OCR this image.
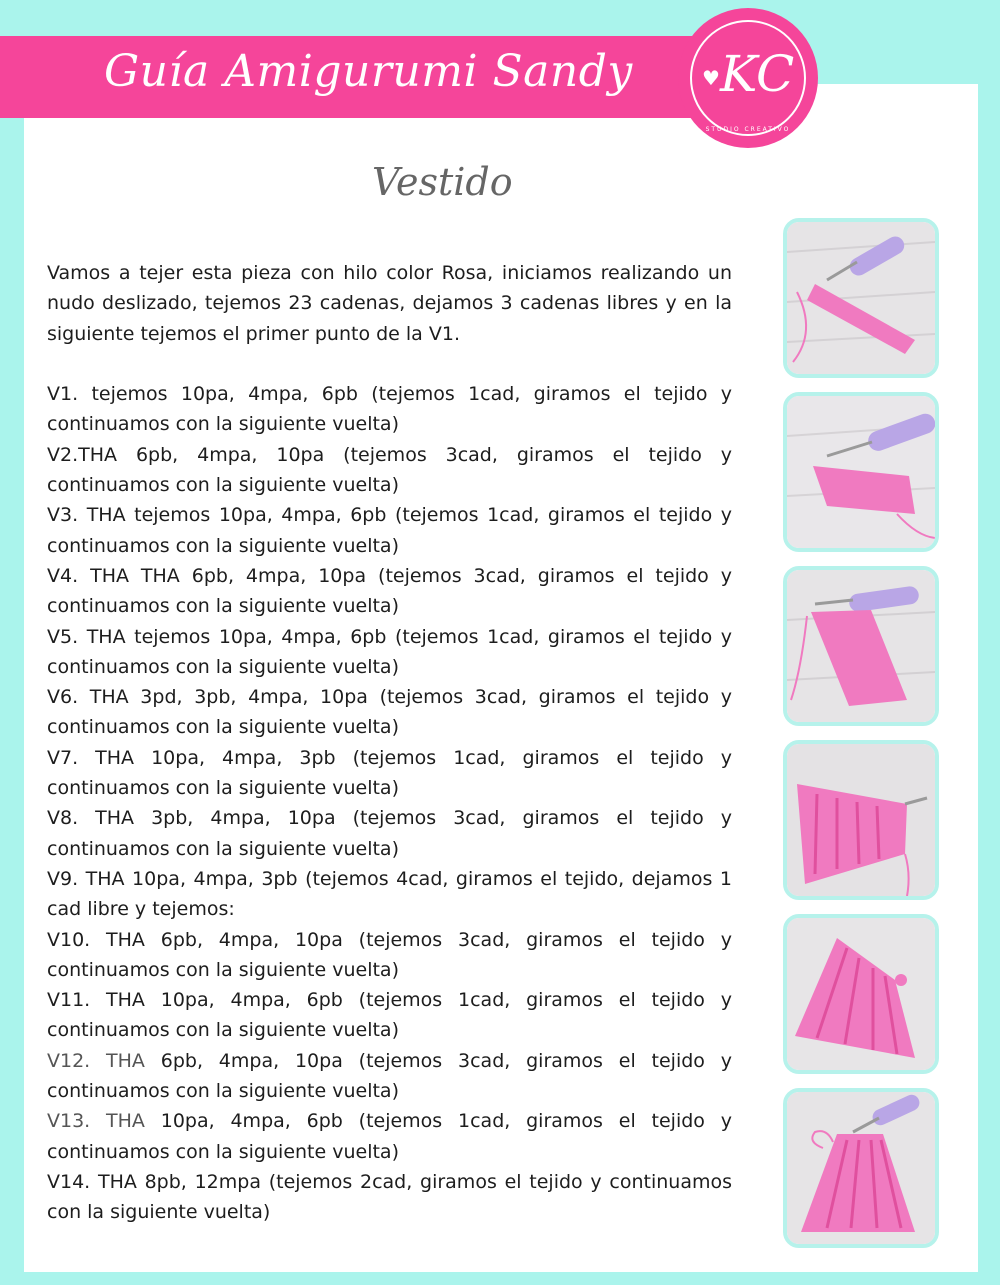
Guía Amigurumi Sandy	♥ KC
STUDIO CREATIVO
Vestido

Vamos a tejer esta pieza con hilo color Rosa, iniciamos realizando un nudo deslizado, tejemos 23 cadenas, dejamos 3 cadenas libres y en la siguiente tejemos el primer punto de la V1.

V1. tejemos 10pa, 4mpa, 6pb (tejemos 1cad, giramos el tejido y continuamos con la siguiente vuelta)

V2.THA 6pb, 4mpa, 10pa (tejemos 3cad, giramos el tejido y continuamos con la siguiente vuelta)

V3. THA tejemos 10pa, 4mpa, 6pb (tejemos 1cad, giramos el tejido y continuamos con la siguiente vuelta)

V4. THA THA 6pb, 4mpa, 10pa (tejemos 3cad, giramos el tejido y continuamos con la siguiente vuelta)

V5. THA tejemos 10pa, 4mpa, 6pb (tejemos 1cad, giramos el tejido y continuamos con la siguiente vuelta)

V6. THA 3pd, 3pb, 4mpa, 10pa (tejemos 3cad, giramos el tejido y continuamos con la siguiente vuelta)

V7. THA 10pa, 4mpa, 3pb (tejemos 1cad, giramos el tejido y continuamos con la siguiente vuelta)

V8. THA 3pb, 4mpa, 10pa (tejemos 3cad, giramos el tejido y continuamos con la siguiente vuelta)

V9. THA 10pa, 4mpa, 3pb (tejemos 4cad, giramos el tejido, dejamos 1 cad libre y tejemos:

V10. THA 6pb, 4mpa, 10pa (tejemos 3cad, giramos el tejido y continuamos con la siguiente vuelta)

V11. THA 10pa, 4mpa, 6pb (tejemos 1cad, giramos el tejido y continuamos con la siguiente vuelta)

V12. THA 6pb, 4mpa, 10pa (tejemos 3cad, giramos el tejido y continuamos con la siguiente vuelta)

V13. THA 10pa, 4mpa, 6pb (tejemos 1cad, giramos el tejido y continuamos con la siguiente vuelta)

V14. THA 8pb, 12mpa (tejemos 2cad, giramos el tejido y continuamos con la siguiente vuelta)
